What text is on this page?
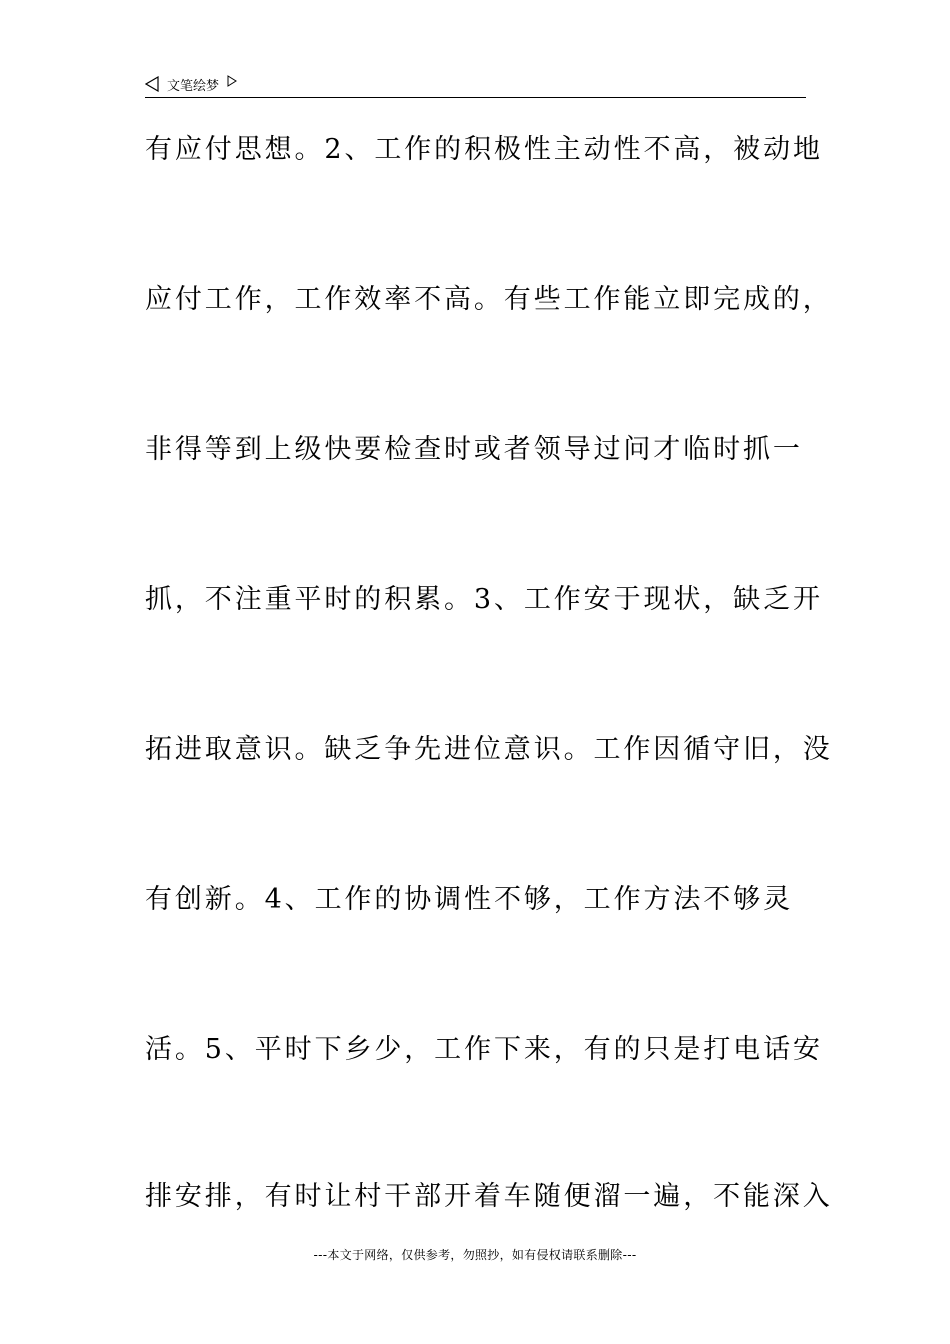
文笔绘梦
有应付思想。2、工作的积极性主动性不高，被动地
应付工作，工作效率不高。有些工作能立即完成的，
非得等到上级快要检查时或者领导过问才临时抓一
抓，不注重平时的积累。3、工作安于现状，缺乏开
拓进取意识。缺乏争先进位意识。工作因循守旧，没
有创新。4、工作的协调性不够，工作方法不够灵
活。5、平时下乡少，工作下来，有的只是打电话安
排安排，有时让村干部开着车随便溜一遍，不能深入
---本文于网络，仅供参考，勿照抄，如有侵权请联系删除---
